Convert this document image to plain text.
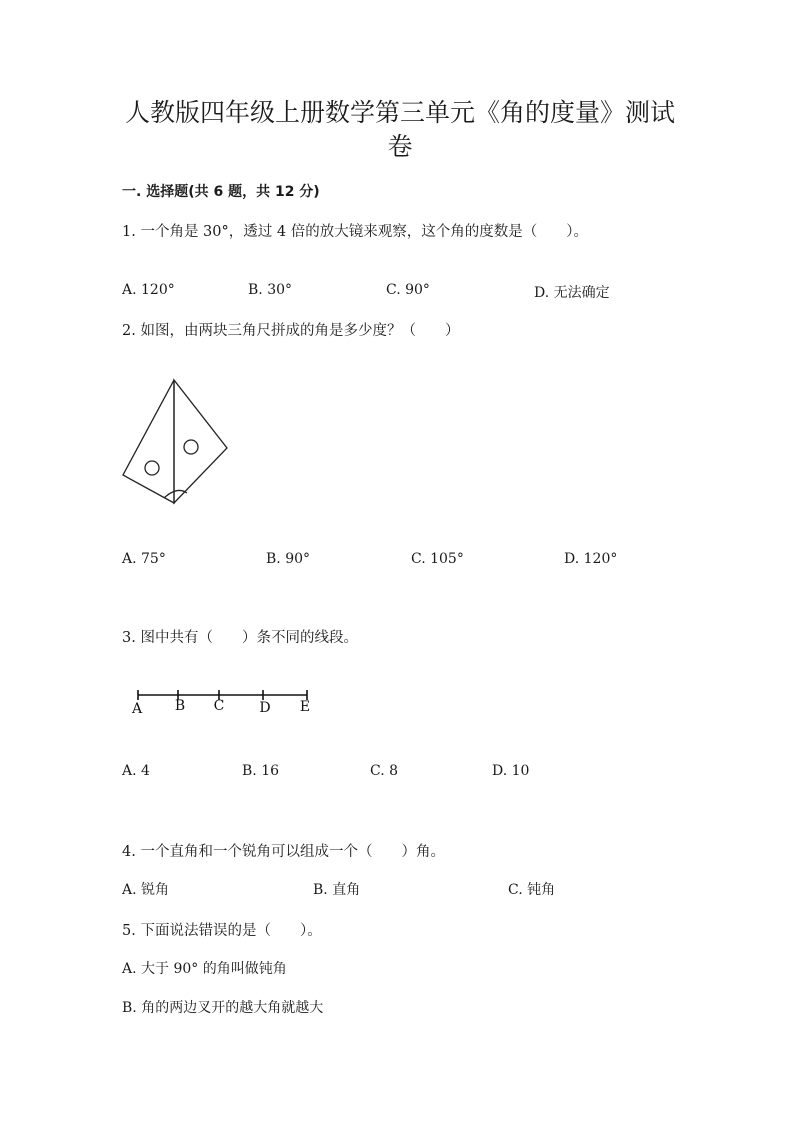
人教版四年级上册数学第三单元《角的度量》测试
卷
一. 选择题(共 6 题，共 12 分)
1. 一个角是 30°，透过 4 倍的放大镜来观察，这个角的度数是（　　）。
A. 120°	B. 30°	C. 90°	D. 无法确定
2. 如图，由两块三角尺拼成的角是多少度？（　　）
A. 75°	B. 90°	C. 105°	D. 120°
3. 图中共有（　　）条不同的线段。
A B C	D E
A. 4	B. 16	C. 8	D. 10
4. 一个直角和一个锐角可以组成一个（　　）角。
A. 锐角	B. 直角	C. 钝角
5. 下面说法错误的是（　　）。
A. 大于 90° 的角叫做钝角
B. 角的两边叉开的越大角就越大
